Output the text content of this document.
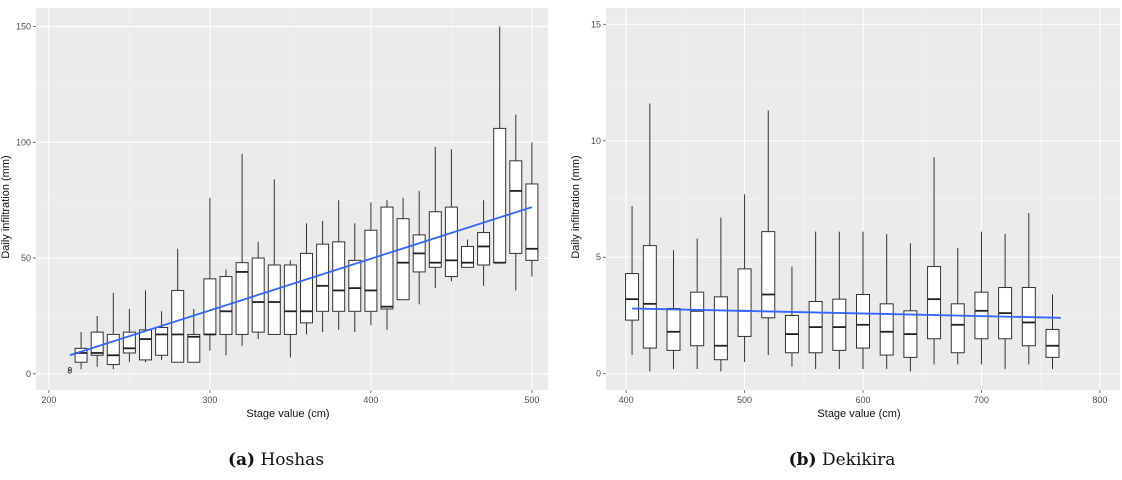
200	300	400	500
0
50
100
150
Stage value (cm)
Daily infiltration (mm)
(a) Hoshas
400	500	600	700	800
0
5
10
15
Stage value (cm)
Daily infiltration (mm)
(b) Dekikira
